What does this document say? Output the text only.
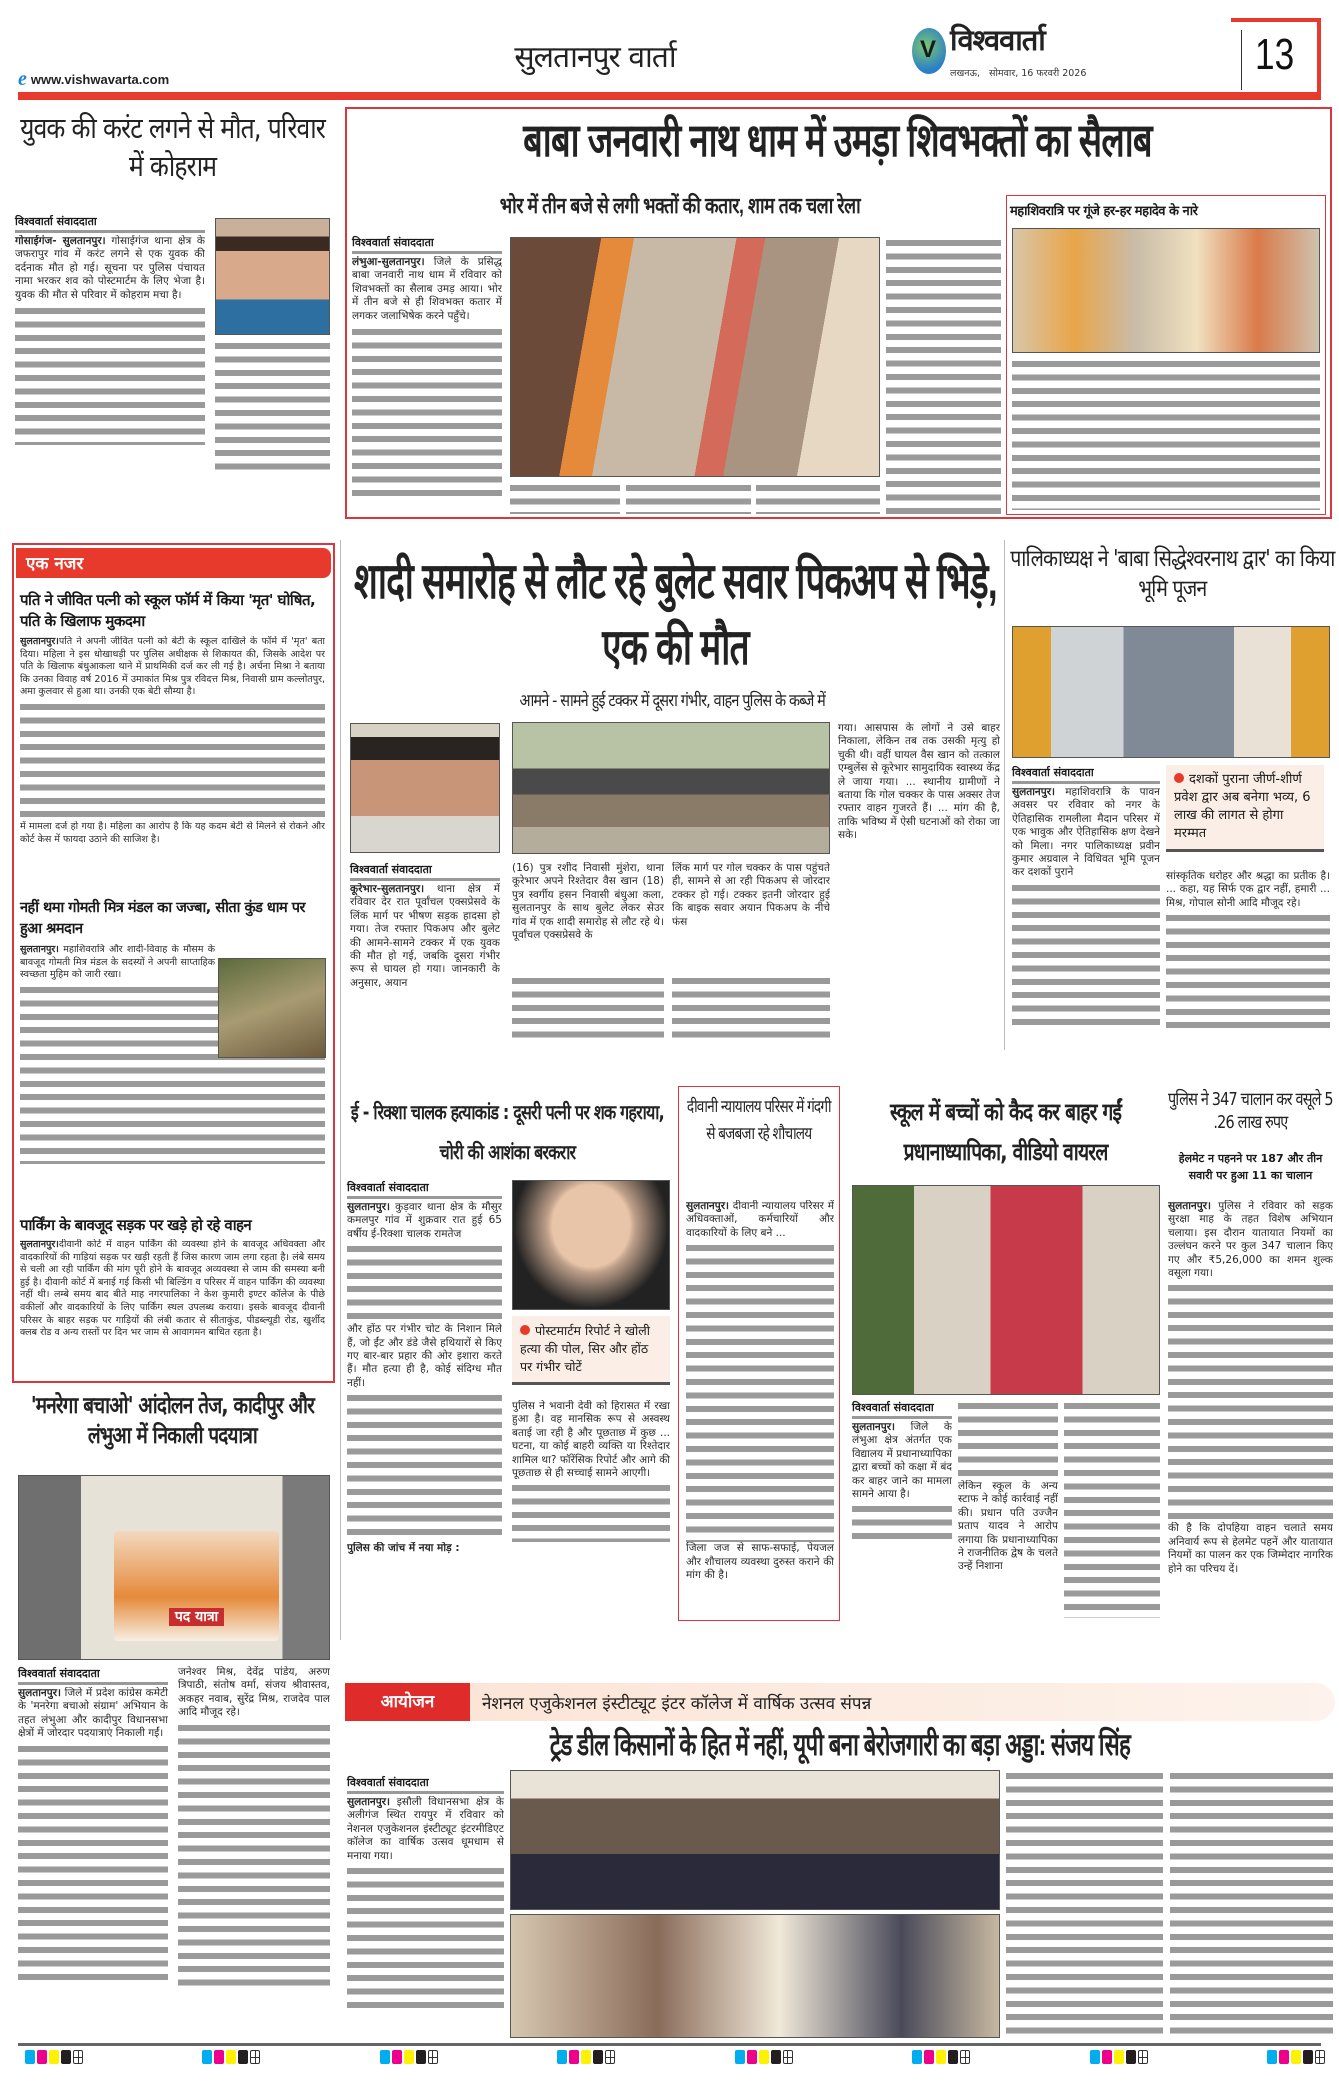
e www.vishwavarta.com
सुलतानपुर वार्ता	V विश्ववार्ता
लखनऊ,   सोमवार, 16 फरवरी 2026	13
युवक की करंट लगने से मौत, परिवार में कोहराम
विश्ववार्ता संवाददाता
गोसाईगंज- सुलतानपुर। गोसाईगंज थाना क्षेत्र के जफरापुर गांव में करंट लगने से एक युवक की दर्दनाक मौत हो गई। सूचना पर पुलिस पंचायत नामा भरकर शव को पोस्टमार्टम के लिए भेजा है। युवक की मौत से परिवार में कोहराम मचा है।
बाबा जनवारी नाथ धाम में उमड़ा शिवभक्तों का सैलाब
भोर में तीन बजे से लगी भक्तों की कतार, शाम तक चला रेला
विश्ववार्ता संवाददाता
लंभुआ-सुलतानपुर। जिले के प्रसिद्ध बाबा जनवारी नाथ धाम में रविवार को शिवभक्तों का सैलाब उमड़ आया। भोर में तीन बजे से ही शिवभक्त कतार में लगकर जलाभिषेक करने पहुँचे।
महाशिवरात्रि पर गूंजे हर-हर महादेव के नारे
एक नजर
पति ने जीवित पत्नी को स्कूल फॉर्म में किया 'मृत' घोषित, पति के खिलाफ मुकदमा
सुलतानपुर।पति ने अपनी जीवित पत्नी को बेटी के स्कूल दाखिले के फॉर्म में 'मृत' बता दिया। महिला ने इस धोखाधड़ी पर पुलिस अधीक्षक से शिकायत की, जिसके आदेश पर पति के खिलाफ बंधुआकला थाने में प्राथमिकी दर्ज कर ली गई है। अर्चना मिश्रा ने बताया कि उनका विवाह वर्ष 2016 में उमाकांत मिश्र पुत्र रविदत्त मिश्र, निवासी ग्राम कल्लोतपुर, अमा कुलवार से हुआ था। उनकी एक बेटी सौम्या है।
में मामला दर्ज हो गया है। महिला का आरोप है कि यह कदम बेटी से मिलने से रोकने और कोर्ट केस में फायदा उठाने की साजिश है।
नहीं थमा गोमती मित्र मंडल का जज्बा, सीता कुंड धाम पर हुआ श्रमदान
सुलतानपुर। महाशिवरात्रि और शादी-विवाह के मौसम के बावजूद गोमती मित्र मंडल के सदस्यों ने अपनी साप्ताहिक स्वच्छता मुहिम को जारी रखा।
पार्किंग के बावजूद सड़क पर खड़े हो रहे वाहन
सुलतानपुर।दीवानी कोर्ट में वाहन पार्किंग की व्यवस्था होने के बावजूद अधिवक्ता और वादकारियों की गाड़ियां सड़क पर खड़ी रहती हैं जिस कारण जाम लगा रहता है। लंबे समय से चली आ रही पार्किंग की मांग पूरी होने के बावजूद अव्यवस्था से जाम की समस्या बनी हुई है। दीवानी कोर्ट में बनाई गई किसी भी बिल्डिंग व परिसर में वाहन पार्किंग की व्यवस्था नहीं थी। लम्बे समय बाद बीते माह नगरपालिका ने केश कुमारी इण्टर कॉलेज के पीछे वकीलों और वादकारियों के लिए पार्किंग स्थल उपलब्ध कराया। इसके बावजूद दीवानी परिसर के बाहर सड़क पर गाड़ियों की लंबी कतार से सीताकुंड, पीडब्ल्यूडी रोड, खुर्शीद क्लब रोड व अन्य रास्तों पर दिन भर जाम से आवागमन बाधित रहता है।
'मनरेगा बचाओ' आंदोलन तेज, कादीपुर और लंभुआ में निकाली पदयात्रा
पद यात्रा
विश्ववार्ता संवाददाता
सुलतानपुर। जिले में प्रदेश कांग्रेस कमेटी के 'मनरेगा बचाओ संग्राम' अभियान के तहत लंभुआ और कादीपुर विधानसभा क्षेत्रों में जोरदार पदयात्राएं निकाली गईं।
जनेश्वर मिश्र, देवेंद्र पांडेय, अरुण त्रिपाठी, संतोष वर्मा, संजय श्रीवास्तव, अकहर नवाब, सुरेंद्र मिश्र, राजदेव पाल आदि मौजूद रहे।
शादी समारोह से लौट रहे बुलेट सवार पिकअप से भिड़े, एक की मौत
आमने - सामने हुई टक्कर में दूसरा गंभीर, वाहन पुलिस के कब्जे में
विश्ववार्ता संवाददाता
कूरेभार-सुलतानपुर। थाना क्षेत्र में रविवार देर रात पूर्वांचल एक्सप्रेसवे के लिंक मार्ग पर भीषण सड़क हादसा हो गया। तेज रफ्तार पिकअप और बुलेट की आमने-सामने टक्कर में एक युवक की मौत हो गई, जबकि दूसरा गंभीर रूप से घायल हो गया। जानकारी के अनुसार, अयान
(16) पुत्र रशीद निवासी मुंशेरा, थाना कूरेभार अपने रिश्तेदार वैस खान (18) पुत्र स्वर्गीय हसन निवासी बंधुआ कला, सुलतानपुर के साथ बुलेट लेकर सेउर गांव में एक शादी समारोह से लौट रहे थे। पूर्वांचल एक्सप्रेसवे के
लिंक मार्ग पर गोल चक्कर के पास पहुंचते ही, सामने से आ रही पिकअप से जोरदार टक्कर हो गई। टक्कर इतनी जोरदार हुई कि बाइक सवार अयान पिकअप के नीचे फंस
गया। आसपास के लोगों ने उसे बाहर निकाला, लेकिन तब तक उसकी मृत्यु हो चुकी थी। वहीं घायल वैस खान को तत्काल एम्बुलेंस से कूरेभार सामुदायिक स्वास्थ्य केंद्र ले जाया गया। ... स्थानीय ग्रामीणों ने बताया कि गोल चक्कर के पास अक्सर तेज रफ्तार वाहन गुजरते हैं। ... मांग की है, ताकि भविष्य में ऐसी घटनाओं को रोका जा सके।
पालिकाध्यक्ष ने 'बाबा सिद्धेश्वरनाथ द्वार' का किया भूमि पूजन
विश्ववार्ता संवाददाता
सुलतानपुर। महाशिवरात्रि के पावन अवसर पर रविवार को नगर के ऐतिहासिक रामलीला मैदान परिसर में एक भावुक और ऐतिहासिक क्षण देखने को मिला। नगर पालिकाध्यक्ष प्रवीन कुमार अग्रवाल ने विधिवत भूमि पूजन कर दशकों पुराने
दशकों पुराना जीर्ण-शीर्ण प्रवेश द्वार अब बनेगा भव्य, 6 लाख की लागत से होगा मरम्मत
सांस्कृतिक धरोहर और श्रद्धा का प्रतीक है। ... कहा, यह सिर्फ एक द्वार नहीं, हमारी ... मिश्र, गोपाल सोनी आदि मौजूद रहे।
ई - रिक्शा चालक हत्याकांड : दूसरी पत्नी पर शक गहराया, चोरी की आशंका बरकरार
विश्ववार्ता संवाददाता
सुलतानपुर। कुड़वार थाना क्षेत्र के मौसुर कमलपुर गांव में शुक्रवार रात हुई 65 वर्षीय ई-रिक्शा चालक रामतेज
और होंठ पर गंभीर चोट के निशान मिले हैं, जो ईंट और डंडे जैसे हथियारों से किए गए बार-बार प्रहार की ओर इशारा करते हैं। मौत हत्या ही है, कोई संदिग्ध मौत नहीं।
पुलिस की जांच में नया मोड़ :
पोस्टमार्टम रिपोर्ट ने खोली हत्या की पोल, सिर और होंठ पर गंभीर चोटें
पुलिस ने भवानी देवी को हिरासत में रखा हुआ है। वह मानसिक रूप से अस्वस्थ बताई जा रही है और पूछताछ में कुछ ... घटना, या कोई बाहरी व्यक्ति या रिश्तेदार शामिल था? फॉरेंसिक रिपोर्ट और आगे की पूछताछ से ही सच्चाई सामने आएगी।
दीवानी न्यायालय परिसर में गंदगी से बजबजा रहे शौचालय
सुलतानपुर। दीवानी न्यायालय परिसर में अधिवक्ताओं, कर्मचारियों और वादकारियों के लिए बने ...
जिला जज से साफ-सफाई, पेयजल और शौचालय व्यवस्था दुरुस्त कराने की मांग की है।
स्कूल में बच्चों को कैद कर बाहर गईं प्रधानाध्यापिका, वीडियो वायरल
विश्ववार्ता संवाददाता
सुलतानपुर। जिले के लंभुआ क्षेत्र अंतर्गत एक विद्यालय में प्रधानाध्यापिका द्वारा बच्चों को कक्षा में बंद कर बाहर जाने का मामला सामने आया है।
लेकिन स्कूल के अन्य स्टाफ ने कोई कार्रवाई नहीं की। प्रधान पति उज्जैन प्रताप यादव ने आरोप लगाया कि प्रधानाध्यापिका ने राजनीतिक द्वेष के चलते उन्हें निशाना
पुलिस ने 347 चालान कर वसूले 5 .26 लाख रुपए
हेलमेट न पहनने पर 187 और तीन सवारी पर हुआ 11 का चालान
सुलतानपुर। पुलिस ने रविवार को सड़क सुरक्षा माह के तहत विशेष अभियान चलाया। इस दौरान यातायात नियमों का उल्लंघन करने पर कुल 347 चालान किए गए और ₹5,26,000 का शमन शुल्क वसूला गया।
की है कि दोपहिया वाहन चलाते समय अनिवार्य रूप से हेलमेट पहनें और यातायात नियमों का पालन कर एक जिम्मेदार नागरिक होने का परिचय दें।
आयोजन	नेशनल एजुकेशनल इंस्टीट्यूट इंटर कॉलेज में वार्षिक उत्सव संपन्न
ट्रेड डील किसानों के हित में नहीं, यूपी बना बेरोजगारी का बड़ा अड्डा: संजय सिंह
विश्ववार्ता संवाददाता
सुलतानपुर। इसौली विधानसभा क्षेत्र के अलीगंज स्थित रायपुर में रविवार को नेशनल एजुकेशनल इंस्टीट्यूट इंटरमीडिएट कॉलेज का वार्षिक उत्सव धूमधाम से मनाया गया।
